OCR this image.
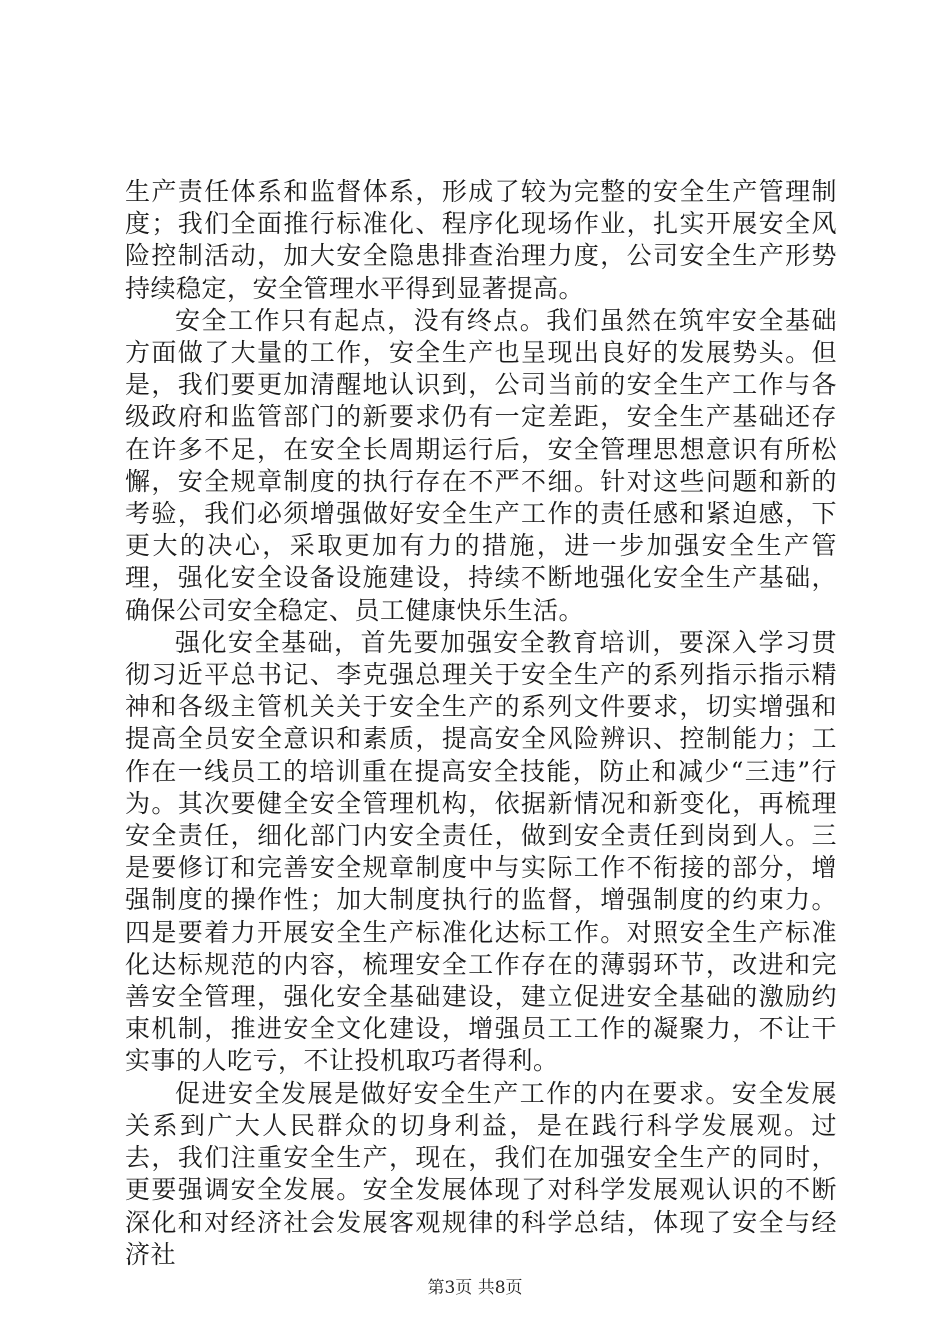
生产责任体系和监督体系，形成了较为完整的安全生产管理制度；我们全面推行标准化、程序化现场作业，扎实开展安全风险控制活动，加大安全隐患排查治理力度，公司安全生产形势持续稳定，安全管理水平得到显著提高。

安全工作只有起点，没有终点。我们虽然在筑牢安全基础方面做了大量的工作，安全生产也呈现出良好的发展势头。但是，我们要更加清醒地认识到，公司当前的安全生产工作与各级政府和监管部门的新要求仍有一定差距，安全生产基础还存在许多不足，在安全长周期运行后，安全管理思想意识有所松懈，安全规章制度的执行存在不严不细。针对这些问题和新的考验，我们必须增强做好安全生产工作的责任感和紧迫感，下更大的决心，采取更加有力的措施，进一步加强安全生产管理，强化安全设备设施建设，持续不断地强化安全生产基础，确保公司安全稳定、员工健康快乐生活。

强化安全基础，首先要加强安全教育培训，要深入学习贯彻习近平总书记、李克强总理关于安全生产的系列指示指示精神和各级主管机关关于安全生产的系列文件要求，切实增强和提高全员安全意识和素质，提高安全风险辨识、控制能力；工作在一线员工的培训重在提高安全技能，防止和减少“三违”行为。其次要健全安全管理机构，依据新情况和新变化，再梳理安全责任，细化部门内安全责任，做到安全责任到岗到人。三是要修订和完善安全规章制度中与实际工作不衔接的部分，增强制度的操作性；加大制度执行的监督，增强制度的约束力。四是要着力开展安全生产标准化达标工作。对照安全生产标准化达标规范的内容，梳理安全工作存在的薄弱环节，改进和完善安全管理，强化安全基础建设，建立促进安全基础的激励约束机制，推进安全文化建设，增强员工工作的凝聚力，不让干实事的人吃亏，不让投机取巧者得利。

促进安全发展是做好安全生产工作的内在要求。安全发展关系到广大人民群众的切身利益，是在践行科学发展观。过去，我们注重安全生产，现在，我们在加强安全生产的同时，更要强调安全发展。安全发展体现了对科学发展观认识的不断深化和对经济社会发展客观规律的科学总结，体现了安全与经济社

第3页 共8页
